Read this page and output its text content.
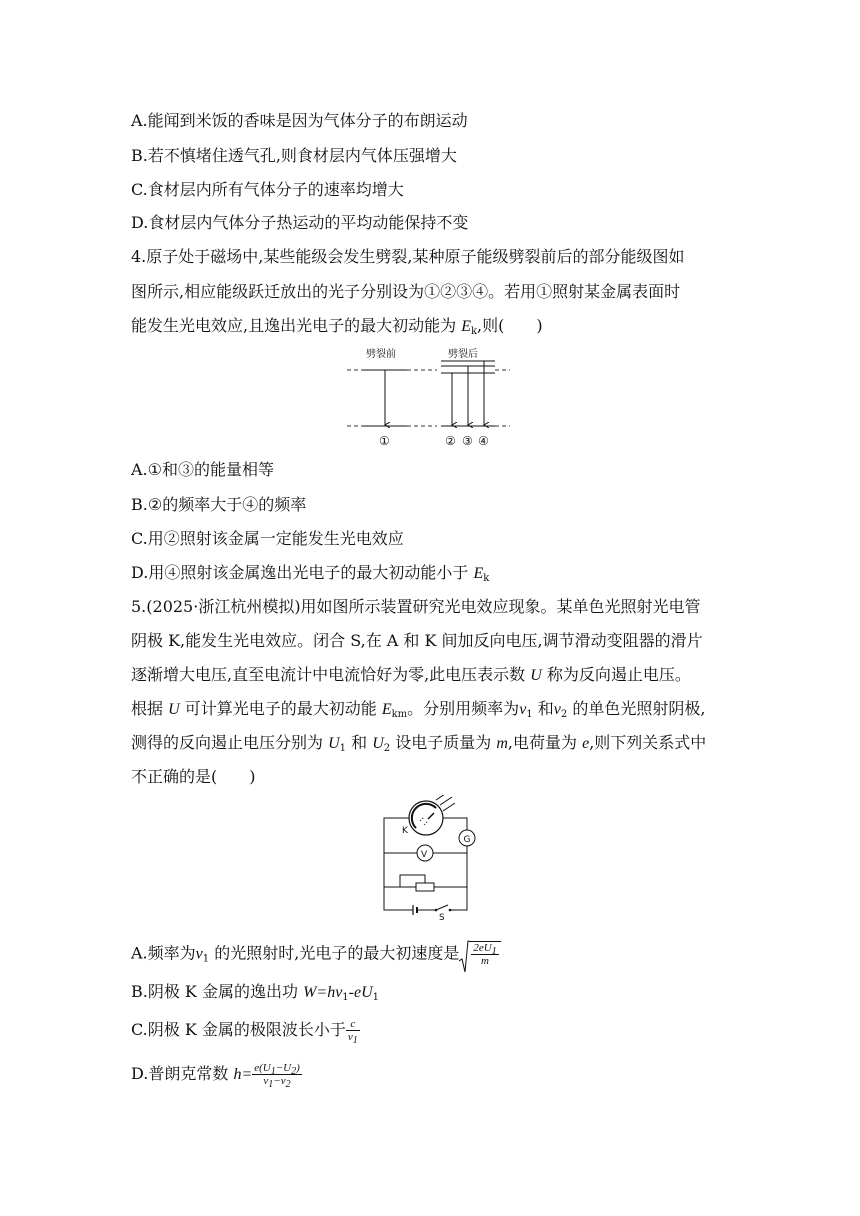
A.能闻到米饭的香味是因为气体分子的布朗运动
B.若不慎堵住透气孔,则食材层内气体压强增大
C.食材层内所有气体分子的速率均增大
D.食材层内气体分子热运动的平均动能保持不变
4.原子处于磁场中,某些能级会发生劈裂,某种原子能级劈裂前后的部分能级图如
图所示,相应能级跃迁放出的光子分别设为①②③④。若用①照射某金属表面时
能发生光电效应,且逸出光电子的最大初动能为 $E_k$,则(　　)
劈裂前	劈裂后
①	② ③ ④
A.①和③的能量相等
B.②的频率大于④的频率
C.用②照射该金属一定能发生光电效应
D.用④照射该金属逸出光电子的最大初动能小于 $E_k$
5.(2025·浙江杭州模拟)用如图所示装置研究光电效应现象。某单色光照射光电管
阴极 K,能发生光电效应。闭合 S,在 A 和 K 间加反向电压,调节滑动变阻器的滑片
逐渐增大电压,直至电流计中电流恰好为零,此电压表示数 U 称为反向遏止电压。
根据 U 可计算光电子的最大初动能 $E_{km}$。分别用频率为$\nu_1$ 和$\nu_2$ 的单色光照射阴极,
测得的反向遏止电压分别为 $U_1$ 和 $U_2$ 设电子质量为 m,电荷量为 e,则下列关系式中
不正确的是(　　)
K
G
V
S
A.频率为$\nu_1$ 的光照射时,光电子的最大初速度是 $\frac{2eU_1}{m}$
B.阴极 K 金属的逸出功 $W=h\nu_1-eU_1$
C.阴极 K 金属的极限波长小于 $\frac{c}{\nu_1}$
D.普朗克常数 $h= \frac{e(U_1-U_2)}{\nu_1-\nu_2}$
